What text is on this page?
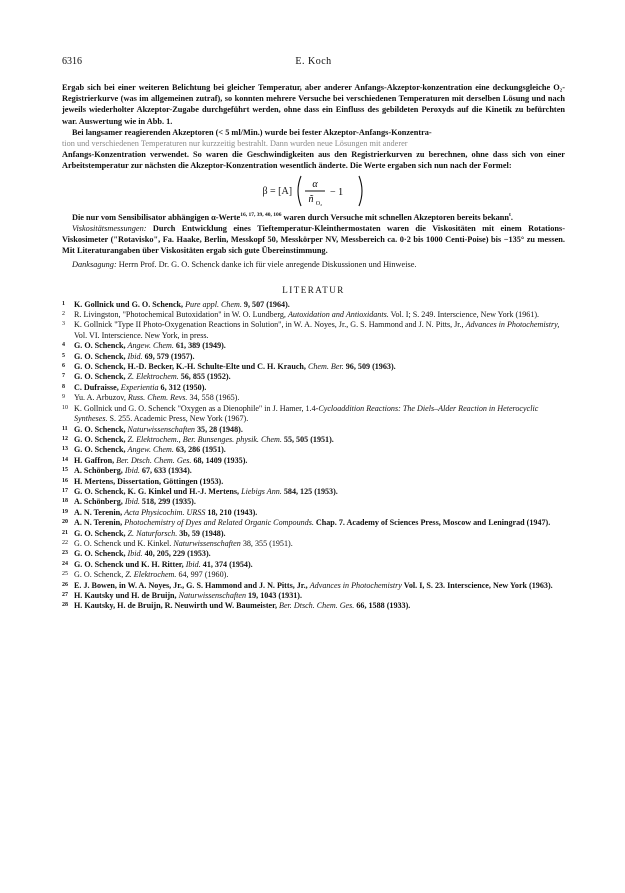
6316	E. Koch

Ergab sich bei einer weiteren Belichtung bei gleicher Temperatur, aber anderer Anfangs-Akzeptor-konzentration eine deckungsgleiche O₂-Registrierkurve (was im allgemeinen zutraf), so konnten mehrere Versuche bei verschiedenen Temperaturen mit derselben Lösung und nach jeweils wiederholter Akzeptor-Zugabe durchgeführt werden, ohne dass ein Einfluss des gebildeten Peroxyds auf die Kinetik zu befürchten war. Auswertung wie in Abb. 1.

Bei langsamer reagierenden Akzeptoren (< 5 ml/Min.) wurde bei fester Akzeptor-Anfangs-Konzentra-

tion und verschiedenen Temperaturen nur kurzzeitig bestrahlt. Dann wurden neue Lösungen mit anderer

Anfangs-Konzentration verwendet. So waren die Geschwindigkeiten aus den Registrierkurven zu berechnen, ohne dass sich von einer Arbeitstemperatur zur nächsten die Akzeptor-Konzentration wesentlich änderte. Die Werte ergaben sich nun nach der Formel:

β = [A]
α
ñ O₂
− 1

Die nur vom Sensibilisator abhängigen α-Werte$^{16, 17, 39, 40, 106}$ waren durch Versuche mit schnellen Akzeptoren bereits bekann$^t$.

Viskositätsmessungen: Durch Entwicklung eines Tieftemperatur-Kleinthermostaten waren die Viskositäten mit einem Rotations-Viskosimeter ("Rotavisko", Fa. Haake, Berlin, Messkopf 50, Messkörper NV, Messbereich ca. 0·2 bis 1000 Centi-Poise) bis −135° zu messen. Mit Literaturangaben über Viskositäten ergab sich gute Übereinstimmung.

Danksagung: Herrn Prof. Dr. G. O. Schenck danke ich für viele anregende Diskussionen und Hinweise.

LITERATUR
1 K. Gollnick und G. O. Schenck, Pure appl. Chem. 9, 507 (1964).
2 R. Livingston, "Photochemical Butoxidation" in W. O. Lundberg, Autoxidation and Antioxidants. Vol. I; S. 249. Interscience, New York (1961).
3 K. Gollnick "Type II Photo-Oxygenation Reactions in Solution", in W. A. Noyes, Jr., G. S. Hammond and J. N. Pitts, Jr., Advances in Photochemistry, Vol. VI. Interscience. New York, in press.
4 G. O. Schenck, Angew. Chem. 61, 389 (1949).
5 G. O. Schenck, Ibid. 69, 579 (1957).
6 G. O. Schenck, H.-D. Becker, K.-H. Schulte-Elte und C. H. Krauch, Chem. Ber. 96, 509 (1963).
7 G. O. Schenck, Z. Elektrochem. 56, 855 (1952).
8 C. Dufraisse, Experientia 6, 312 (1950).
9 Yu. A. Arbuzov, Russ. Chem. Revs. 34, 558 (1965).
10 K. Gollnick und G. O. Schenck "Oxygen as a Dienophile" in J. Hamer, 1.4-Cycloaddition Reactions: The Diels–Alder Reaction in Heterocyclic Syntheses. S. 255. Academic Press, New York (1967).
11 G. O. Schenck, Naturwissenschaften 35, 28 (1948).
12 G. O. Schenck, Z. Elektrochem., Ber. Bunsenges. physik. Chem. 55, 505 (1951).
13 G. O. Schenck, Angew. Chem. 63, 286 (1951).
14 H. Gaffron, Ber. Dtsch. Chem. Ges. 68, 1409 (1935).
15 A. Schönberg, Ibid. 67, 633 (1934).
16 H. Mertens, Dissertation, Göttingen (1953).
17 G. O. Schenck, K. G. Kinkel und H.-J. Mertens, Liebigs Ann. 584, 125 (1953).
18 A. Schönberg, Ibid. 518, 299 (1935).
19 A. N. Terenin, Acta Physicochim. URSS 18, 210 (1943).
20 A. N. Terenin, Photochemistry of Dyes and Related Organic Compounds. Chap. 7. Academy of Sciences Press, Moscow and Leningrad (1947).
21 G. O. Schenck, Z. Naturforsch. 3b, 59 (1948).
22 G. O. Schenck und K. Kinkel. Naturwissenschaften 38, 355 (1951).
23 G. O. Schenck, Ibid. 40, 205, 229 (1953).
24 G. O. Schenck und K. H. Ritter, Ibid. 41, 374 (1954).
25 G. O. Schenck, Z. Elektrochem. 64, 997 (1960).
26 E. J. Bowen, in W. A. Noyes, Jr., G. S. Hammond and J. N. Pitts, Jr., Advances in Photochemistry Vol. I, S. 23. Interscience, New York (1963).
27 H. Kautsky und H. de Bruijn, Naturwissenschaften 19, 1043 (1931).
28 H. Kautsky, H. de Bruijn, R. Neuwirth und W. Baumeister, Ber. Dtsch. Chem. Ges. 66, 1588 (1933).
